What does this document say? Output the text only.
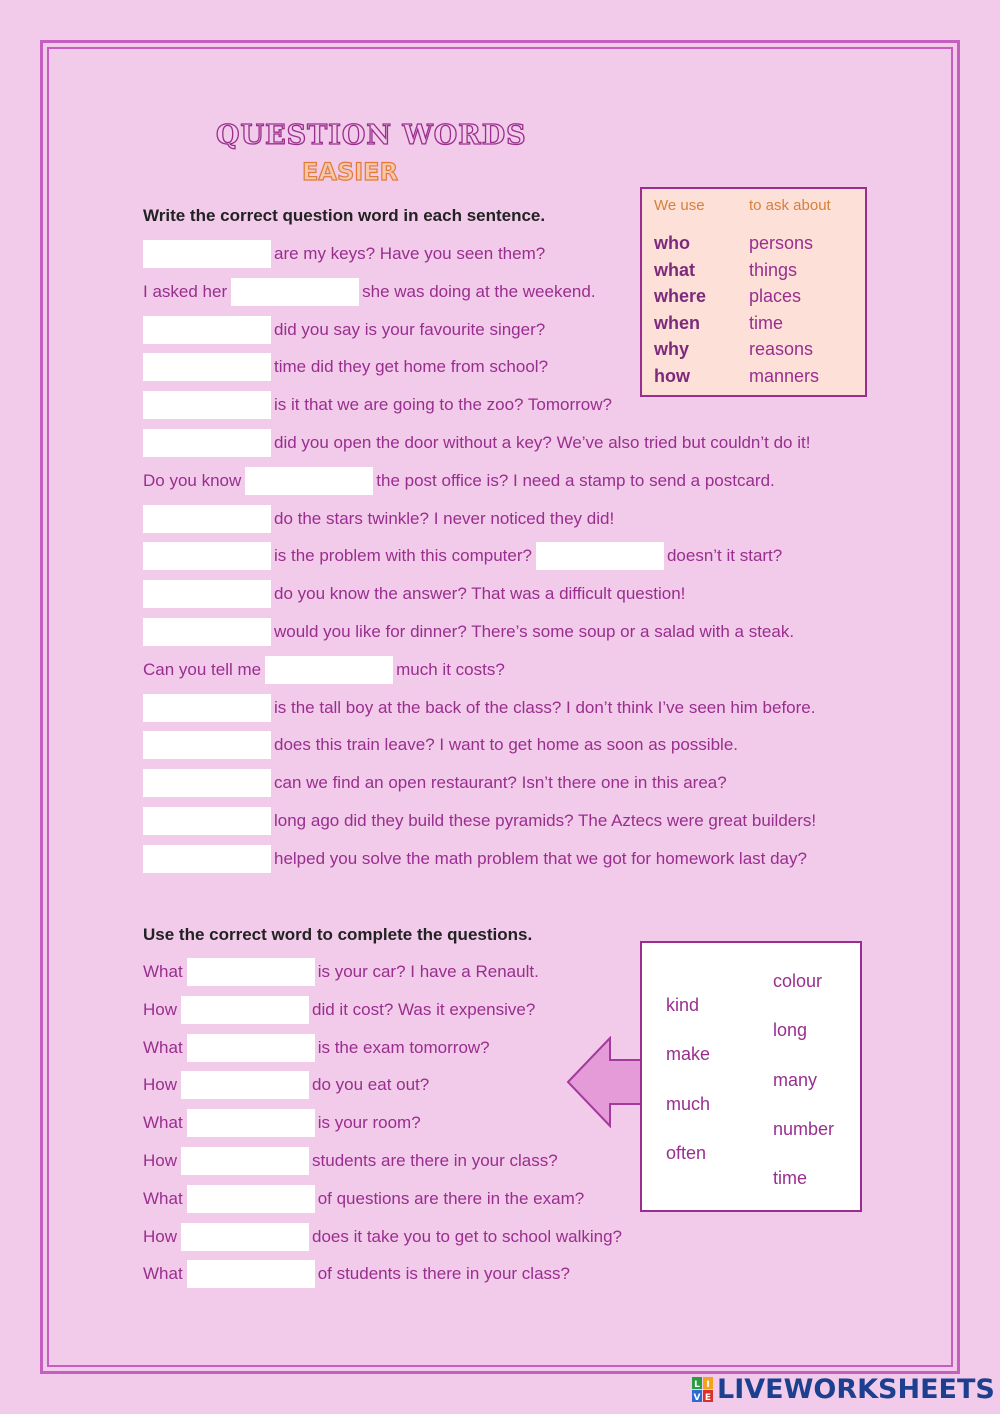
QUESTION WORDS
EASIER
Write the correct question word in each sentence.
are my keys? Have you seen them?
I asked her	she was doing at the weekend.
did you say is your favourite singer?
time did they get home from school?
is it that we are going to the zoo? Tomorrow?
did you open the door without a key? We’ve also tried but couldn’t do it!
Do you know	the post office is? I need a stamp to send a postcard.
do the stars twinkle? I never noticed they did!
is the problem with this computer?	doesn’t it start?
do you know the answer? That was a difficult question!
would you like for dinner? There’s some soup or a salad with a steak.
Can you tell me	much it costs?
is the tall boy at the back of the class? I don’t think I’ve seen him before.
does this train leave? I want to get home as soon as possible.
can we find an open restaurant? Isn’t there one in this area?
long ago did they build these pyramids? The Aztecs were great builders!
helped you solve the math problem that we got for homework last day?
We use	to ask about
who	persons
what	things
where places
when	time
why	reasons
how	manners
Use the correct word to complete the questions.
What	is your car? I have a Renault.
How	did it cost? Was it expensive?
What	is the exam tomorrow?
How	do you eat out?
What	is your room?
How	students are there in your class?
What	of questions are there in the exam?
How	does it take you to get to school walking?
What	of students is there in your class?
kind
make
much
often
colour
long
many
number
time
L I
V E LIVEWORKSHEETS
